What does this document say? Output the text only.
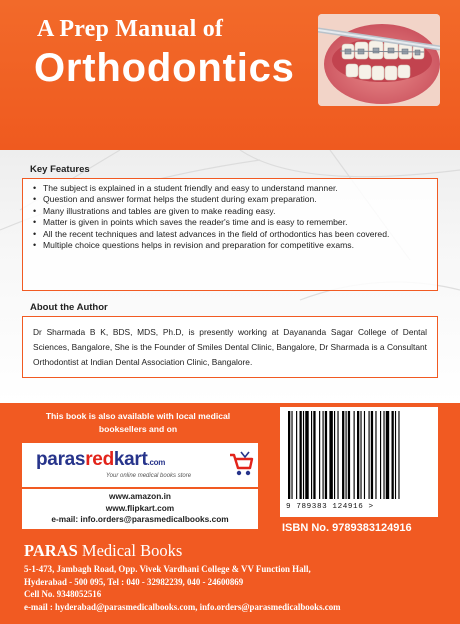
A Prep Manual of
Orthodontics
Key Features
• The subject is explained in a student friendly and easy to understand manner.
• Question and answer format helps the student during exam preparation.
• Many illustrations and tables are given to make reading easy.
• Matter is given in points which saves the reader's time and is easy to remember.
• All the recent techniques and latest advances in the field of orthodontics has been covered.
• Multiple choice questions helps in revision and preparation for competitive exams.
About the Author

Dr Sharmada B K, BDS, MDS, Ph.D, is presently working at Dayananda Sagar College of Dental Sciences, Bangalore, She is the Founder of Smiles Dental Clinic, Bangalore, Dr Sharmada is a Consultant Orthodontist at Indian Dental Association Clinic, Bangalore.

This book is also available with local medical
booksellers and on
parasredkart.com
Your online medical books store
www.amazon.in
www.flipkart.com
e-mail: info.orders@parasmedicalbooks.com
9 789383 124916 >
ISBN No. 9789383124916
PARAS Medical Books
5-1-473, Jambagh Road, Opp. Vivek Vardhani College & VV Function Hall,
Hyderabad - 500 095, Tel : 040 - 32982239, 040 - 24600869
Cell No. 9348052516
e-mail : hyderabad@parasmedicalbooks.com, info.orders@parasmedicalbooks.com
